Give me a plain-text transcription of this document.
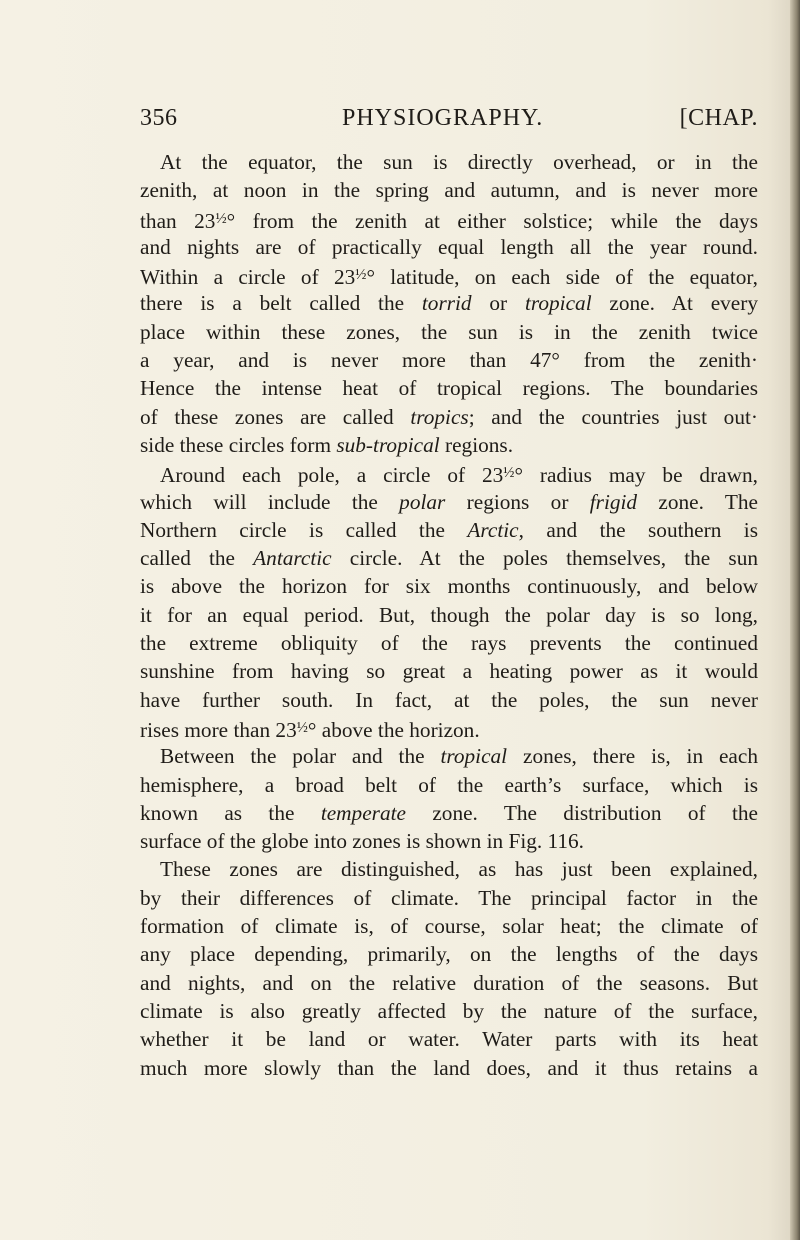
356	PHYSIOGRAPHY.	[CHAP.
At the equator, the sun is directly overhead, or in the
zenith, at noon in the spring and autumn, and is never more
than $23^{\frac{1}{2}}^\circ$ from the zenith at either solstice; while the days
and nights are of practically equal length all the year round.
Within a circle of $23^{\frac{1}{2}}^\circ$ latitude, on each side of the equator,
there is a belt called the torrid or tropical zone. At every
place within these zones, the sun is in the zenith twice
a year, and is never more than 47° from the zenith·
Hence the intense heat of tropical regions. The boundaries
of these zones are called tropics; and the countries just out·
side these circles form sub-tropical regions.
Around each pole, a circle of $23^{\frac{1}{2}}^\circ$ radius may be drawn,
which will include the polar regions or frigid zone. The
Northern circle is called the Arctic, and the southern is
called the Antarctic circle. At the poles themselves, the sun
is above the horizon for six months continuously, and below
it for an equal period. But, though the polar day is so long,
the extreme obliquity of the rays prevents the continued
sunshine from having so great a heating power as it would
have further south. In fact, at the poles, the sun never
rises more than $23^{\frac{1}{2}}^\circ$ above the horizon.
Between the polar and the tropical zones, there is, in each
hemisphere, a broad belt of the earth’s surface, which is
known as the temperate zone. The distribution of the
surface of the globe into zones is shown in Fig. 116.
These zones are distinguished, as has just been explained,
by their differences of climate. The principal factor in the
formation of climate is, of course, solar heat; the climate of
any place depending, primarily, on the lengths of the days
and nights, and on the relative duration of the seasons. But
climate is also greatly affected by the nature of the surface,
whether it be land or water. Water parts with its heat
much more slowly than the land does, and it thus retains a
